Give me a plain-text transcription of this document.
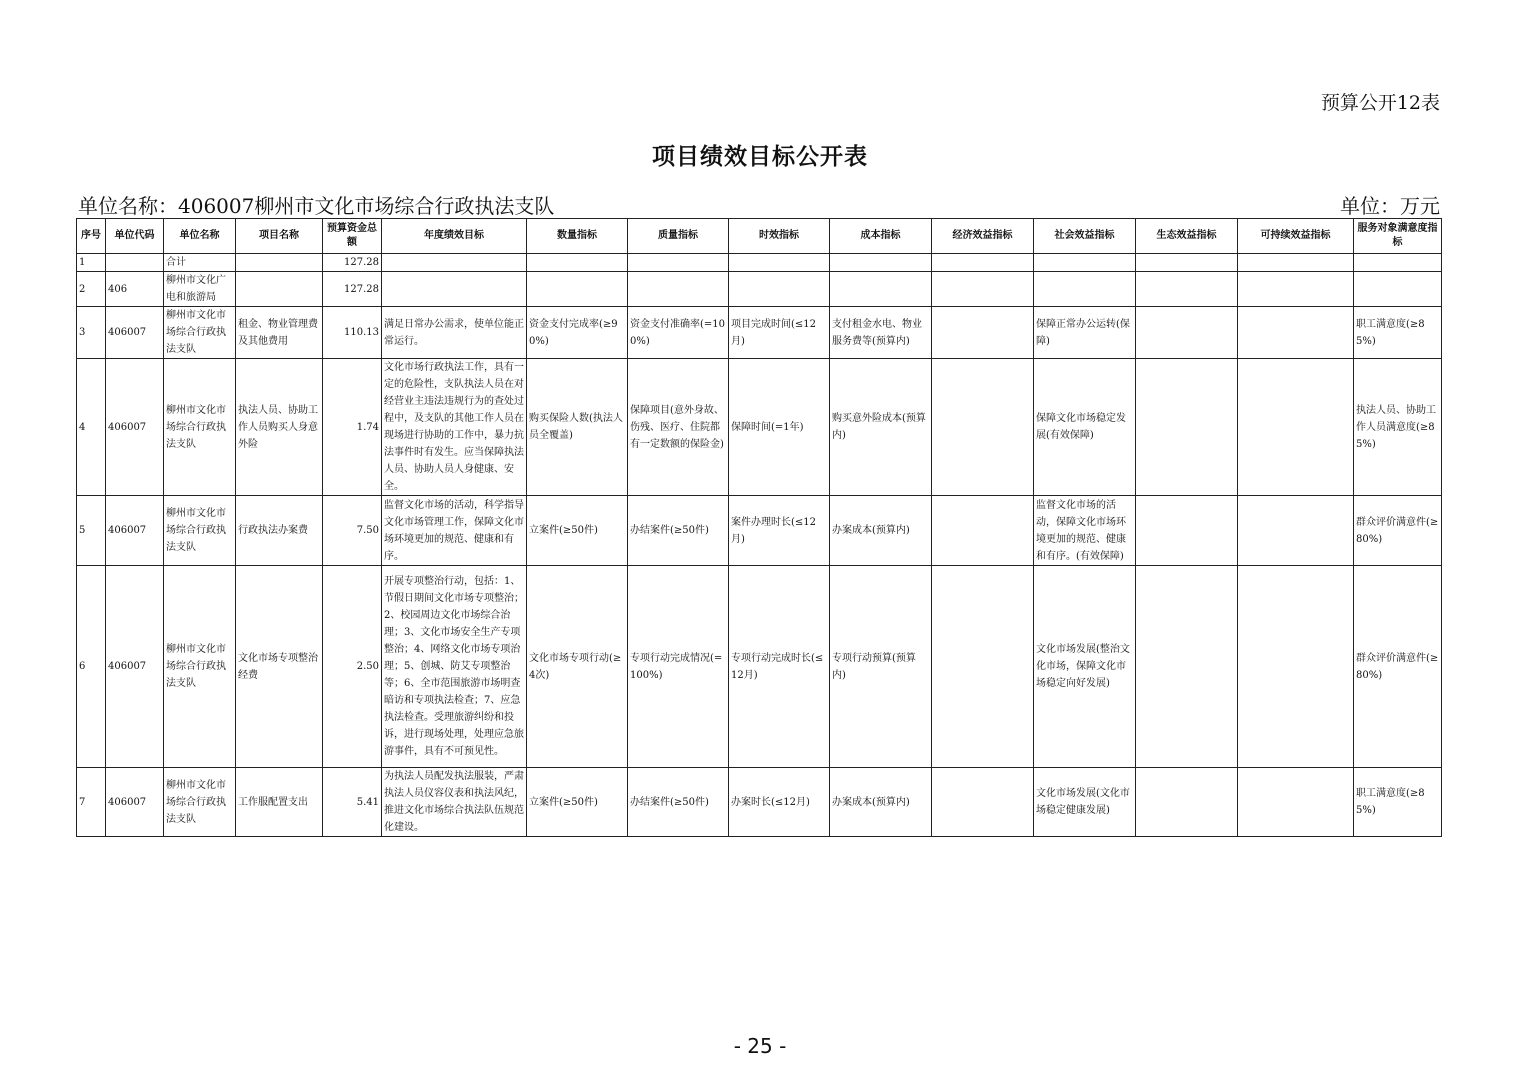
预算公开12表
项目绩效目标公开表
单位名称：406007柳州市文化市场综合行政执法支队	单位：万元
序号	单位代码	单位名称	项目名称	预算资金总额	年度绩效目标	数量指标	质量指标	时效指标	成本指标	经济效益指标	社会效益指标	生态效益指标	可持续效益指标	服务对象满意度指标
1		合计		127.28										
2	406	柳州市文化广电和旅游局		127.28										
3	406007	柳州市文化市场综合行政执法支队	租金、物业管理费及其他费用	110.13	满足日常办公需求，使单位能正常运行。	资金支付完成率(≥90%)	资金支付准确率(=100%)	项目完成时间(≤12月)	支付租金水电、物业服务费等(预算内)		保障正常办公运转(保障)			职工满意度(≥85%)
4	406007	柳州市文化市场综合行政执法支队	执法人员、协助工作人员购买人身意外险	1.74	文化市场行政执法工作，具有一定的危险性，支队执法人员在对经营业主违法违规行为的查处过程中，及支队的其他工作人员在现场进行协助的工作中，暴力抗法事件时有发生。应当保障执法人员、协助人员人身健康、安全。	购买保险人数(执法人员全覆盖)	保障项目(意外身故、伤残、医疗、住院都有一定数额的保险金)	保障时间(=1年)	购买意外险成本(预算内)		保障文化市场稳定发展(有效保障)			执法人员、协助工作人员满意度(≥85%)
5	406007	柳州市文化市场综合行政执法支队	行政执法办案费	7.50	监督文化市场的活动，科学指导文化市场管理工作，保障文化市场环境更加的规范、健康和有序。	立案件(≥50件)	办结案件(≥50件)	案件办理时长(≤12月)	办案成本(预算内)		监督文化市场的活动，保障文化市场环境更加的规范、健康和有序。(有效保障)			群众评价满意件(≥80%)
6	406007	柳州市文化市场综合行政执法支队	文化市场专项整治经费	2.50	开展专项整治行动，包括：1、节假日期间文化市场专项整治；2、校园周边文化市场综合治理；3、文化市场安全生产专项整治；4、网络文化市场专项治理；5、创城、防艾专项整治等；6、全市范围旅游市场明查暗访和专项执法检查；7、应急执法检查。受理旅游纠纷和投诉，进行现场处理，处理应急旅游事件，具有不可预见性。	文化市场专项行动(≥4次)	专项行动完成情况(=100%)	专项行动完成时长(≤12月)	专项行动预算(预算内)		文化市场发展(整治文化市场，保障文化市场稳定向好发展)			群众评价满意件(≥80%)
7	406007	柳州市文化市场综合行政执法支队	工作服配置支出	5.41	为执法人员配发执法服装，严肃执法人员仪容仪表和执法风纪，推进文化市场综合执法队伍规范化建设。	立案件(≥50件)	办结案件(≥50件)	办案时长(≤12月)	办案成本(预算内)		文化市场发展(文化市场稳定健康发展)			职工满意度(≥85%)
- 25 -
